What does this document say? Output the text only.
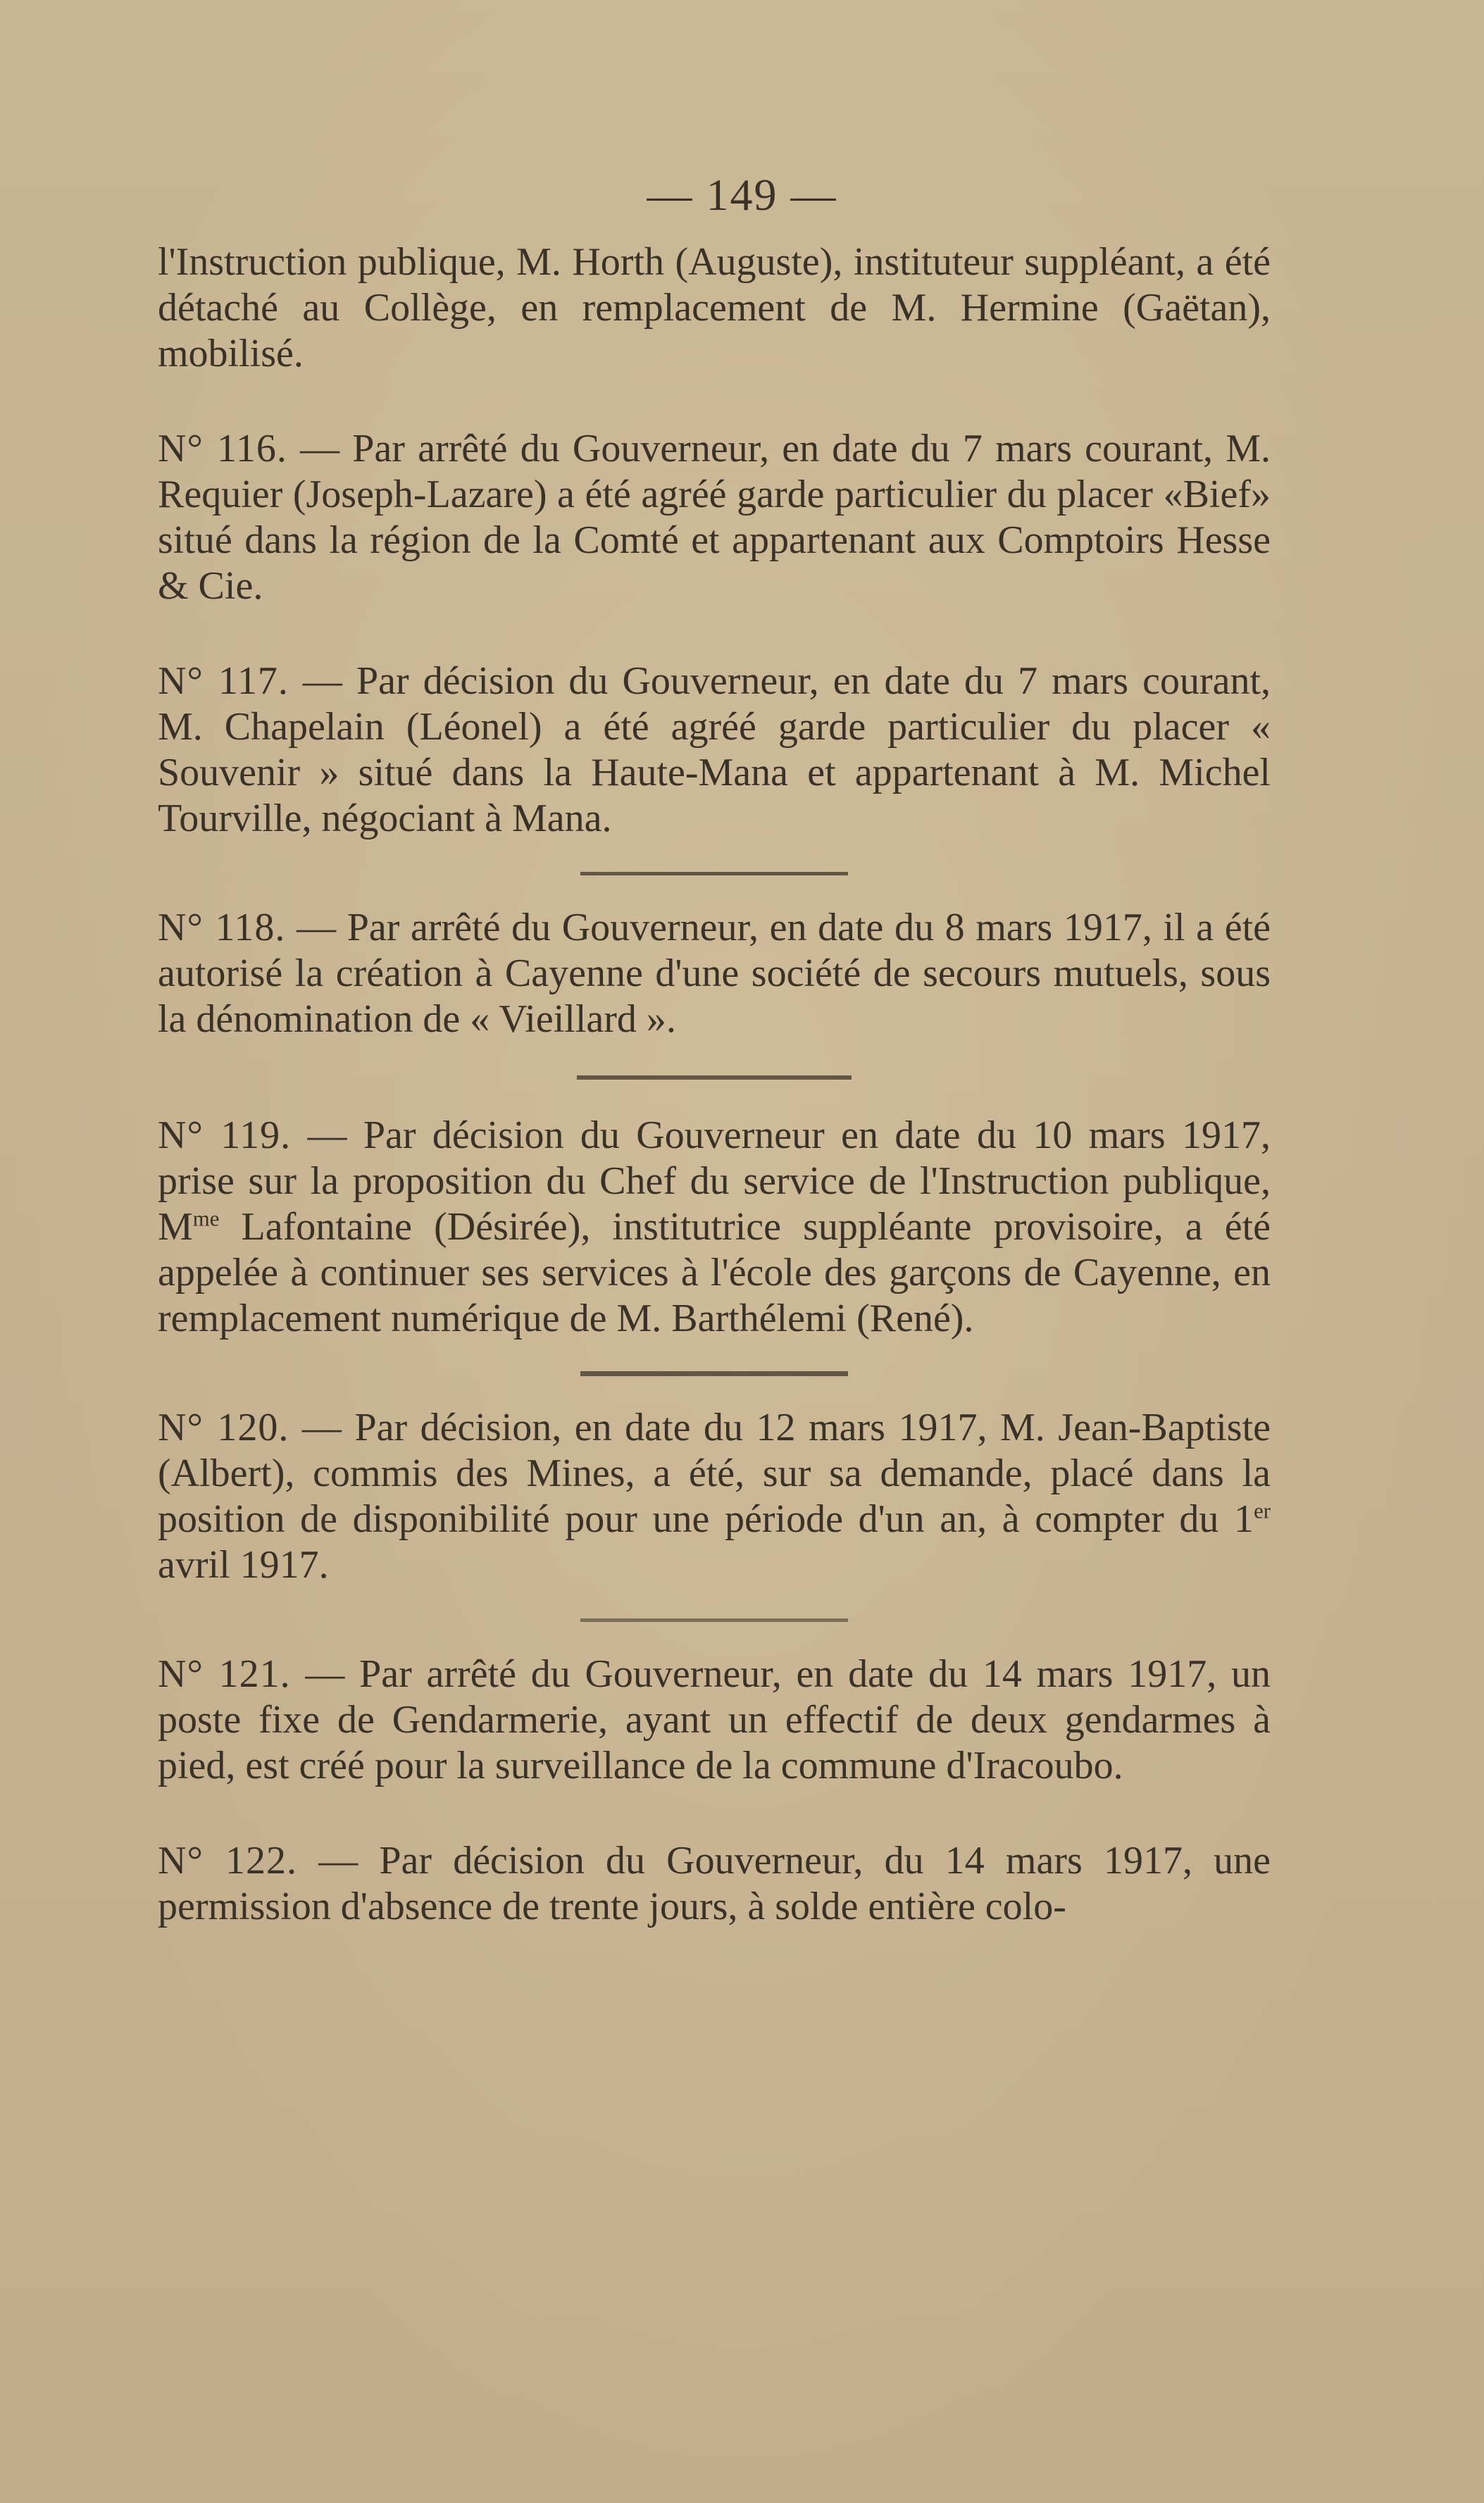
— 149 —

l'Instruction publique, M. Horth (Auguste), instituteur suppléant, a été détaché au Collège, en remplacement de M. Hermine (Gaëtan), mobilisé.

N° 116. — Par arrêté du Gouverneur, en date du 7 mars courant, M. Requier (Joseph-Lazare) a été agréé garde particulier du placer «Bief» situé dans la région de la Comté et appartenant aux Comptoirs Hesse & Cie.

N° 117. — Par décision du Gouverneur, en date du 7 mars courant, M. Chapelain (Léonel) a été agréé garde particulier du placer « Souvenir » situé dans la Haute-Mana et appartenant à M. Michel Tourville, négociant à Mana.

N° 118. — Par arrêté du Gouverneur, en date du 8 mars 1917, il a été autorisé la création à Cayenne d'une société de secours mutuels, sous la dénomination de « Vieillard ».

N° 119. — Par décision du Gouverneur en date du 10 mars 1917, prise sur la proposition du Chef du service de l'Instruction publique, $M^{me}$ Lafontaine (Désirée), institutrice suppléante provisoire, a été appelée à continuer ses services à l'école des garçons de Cayenne, en remplacement numérique de M. Barthélemi (René).

N° 120. — Par décision, en date du 12 mars 1917, M. Jean-Baptiste (Albert), commis des Mines, a été, sur sa demande, placé dans la position de disponibilité pour une période d'un an, à compter du 1er avril 1917.

N° 121. — Par arrêté du Gouverneur, en date du 14 mars 1917, un poste fixe de Gendarmerie, ayant un effectif de deux gendarmes à pied, est créé pour la surveillance de la commune d'Iracoubo.

N° 122. — Par décision du Gouverneur, du 14 mars 1917, une permission d'absence de trente jours, à solde entière colo-
